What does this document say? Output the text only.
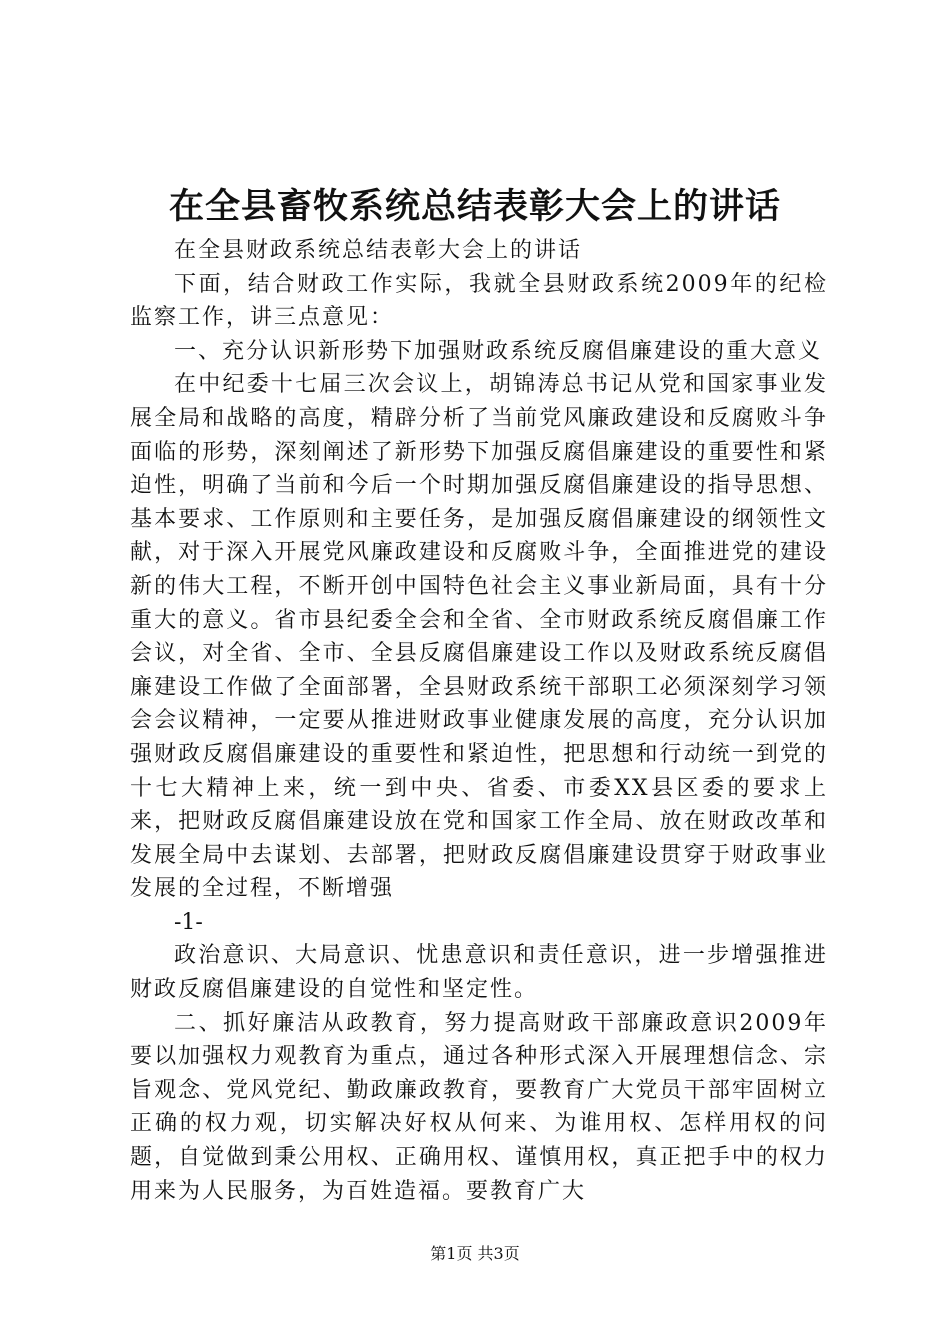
在全县畜牧系统总结表彰大会上的讲话

在全县财政系统总结表彰大会上的讲话

下面，结合财政工作实际，我就全县财政系统2009年的纪检监察工作，讲三点意见：

一、充分认识新形势下加强财政系统反腐倡廉建设的重大意义

在中纪委十七届三次会议上，胡锦涛总书记从党和国家事业发展全局和战略的高度，精辟分析了当前党风廉政建设和反腐败斗争面临的形势，深刻阐述了新形势下加强反腐倡廉建设的重要性和紧迫性，明确了当前和今后一个时期加强反腐倡廉建设的指导思想、基本要求、工作原则和主要任务，是加强反腐倡廉建设的纲领性文献，对于深入开展党风廉政建设和反腐败斗争，全面推进党的建设新的伟大工程，不断开创中国特色社会主义事业新局面，具有十分重大的意义。省市县纪委全会和全省、全市财政系统反腐倡廉工作会议，对全省、全市、全县反腐倡廉建设工作以及财政系统反腐倡廉建设工作做了全面部署，全县财政系统干部职工必须深刻学习领会会议精神，一定要从推进财政事业健康发展的高度，充分认识加强财政反腐倡廉建设的重要性和紧迫性，把思想和行动统一到党的十七大精神上来，统一到中央、省委、市委XX县区委的要求上来，把财政反腐倡廉建设放在党和国家工作全局、放在财政改革和发展全局中去谋划、去部署，把财政反腐倡廉建设贯穿于财政事业发展的全过程，不断增强

-1-

政治意识、大局意识、忧患意识和责任意识，进一步增强推进财政反腐倡廉建设的自觉性和坚定性。

二、抓好廉洁从政教育，努力提高财政干部廉政意识2009年要以加强权力观教育为重点，通过各种形式深入开展理想信念、宗旨观念、党风党纪、勤政廉政教育，要教育广大党员干部牢固树立正确的权力观，切实解决好权从何来、为谁用权、怎样用权的问题，自觉做到秉公用权、正确用权、谨慎用权，真正把手中的权力用来为人民服务，为百姓造福。要教育广大

第1页 共3页
